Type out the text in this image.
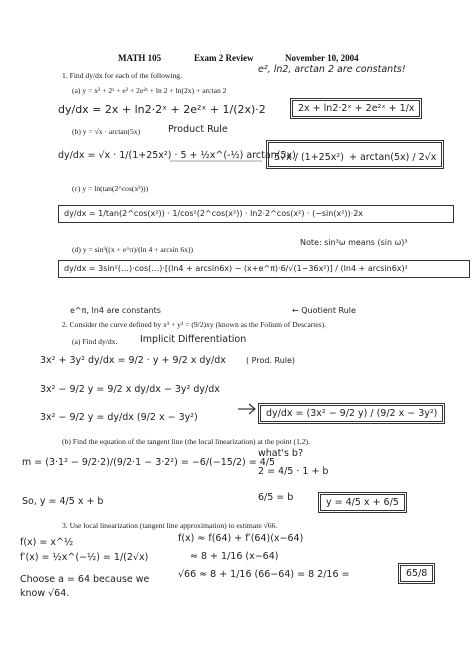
MATH 105	Exam 2 Review	November 10, 2004
1. Find dy/dx for each of the following.
e², ln2, arctan 2 are constants!
(a) y = x² + 2ˣ + e² + 2e²ˣ + ln 2 + ln(2x) + arctan 2
dy/dx = 2x + ln2·2ˣ + 2e²ˣ + 1/(2x)·2	2x + ln2·2ˣ + 2e²ˣ + 1/x
(b) y = √x · arctan(5x)	Product Rule
dy/dx = √x · 1/(1+25x²) · 5 + ½x^(-½) arctan(5x)
5√x / (1+25x²) + arctan(5x) / 2√x
(c) y = ln(tan(2^cos(x²)))
dy/dx = 1/tan(2^cos(x²)) · 1/cos²(2^cos(x²)) · ln2·2^cos(x²) · (−sin(x²))·2x
(d) y = sin³((x + e^π)/(ln 4 + arcsin 6x))
Note: sin³ω means (sin ω)³
dy/dx = 3sin²(…)·cos(…)·[(ln4 + arcsin6x) − (x+e^π)·6/√(1−36x²)] / (ln4 + arcsin6x)²
e^π, ln4 are constants	← Quotient Rule
2. Consider the curve defined by x³ + y³ = (9/2)xy (known as the Folium of Descartes).
(a) Find dy/dx. Implicit Differentiation
3x² + 3y² dy/dx = 9/2 · y + 9/2 x dy/dx	( Prod. Rule)
3x² − 9/2 y = 9/2 x dy/dx − 3y² dy/dx
3x² − 9/2 y = dy/dx (9/2 x − 3y²)	dy/dx = (3x² − 9/2 y) / (9/2 x − 3y²)
(b) Find the equation of the tangent line (the local linearization) at the point (1,2).
m = (3·1² − 9/2·2)/(9/2·1 − 3·2²) = −6/(−15/2) = 4/5
So, y = 4/5 x + b
what's b?
2 = 4/5 · 1 + b
6/5 = b	y = 4/5 x + 6/5
3. Use local linearization (tangent line approximation) to estimate √66.
f(x) = x^½
f′(x) = ½x^(−½) = 1/(2√x)
Choose a = 64 because we know √64.
f(x) ≈ f(64) + f′(64)(x−64)
≈ 8 + 1/16 (x−64)
√66 ≈ 8 + 1/16 (66−64) = 8 2/16 =	65/8
